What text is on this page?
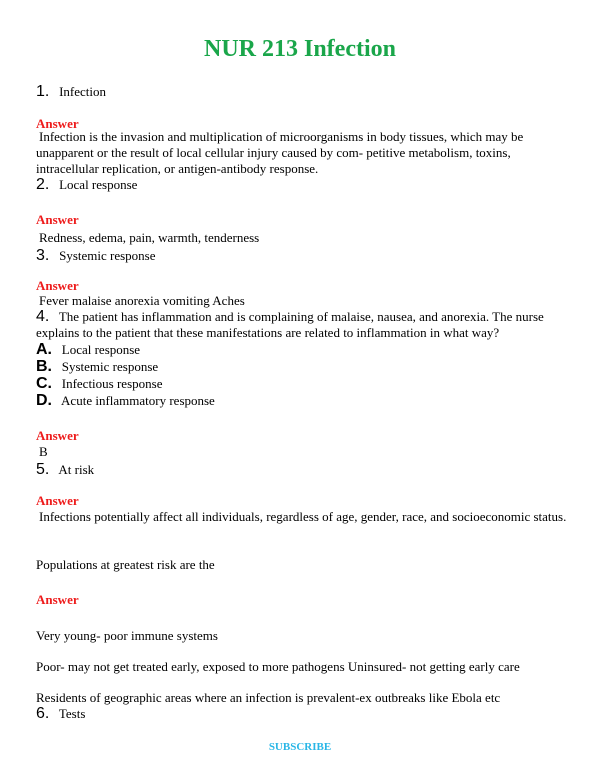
NUR 213 Infection
1. Infection
Answer
Infection is the invasion and multiplication of microorganisms in body tissues, which may be unapparent or the result of local cellular injury caused by com- petitive metabolism, toxins, intracellular replication, or antigen-antibody response.
2. Local response
Answer
Redness, edema, pain, warmth, tenderness
3. Systemic response
Answer
Fever malaise anorexia vomiting Aches
4. The patient has inflammation and is complaining of malaise, nausea, and anorexia. The nurse explains to the patient that these manifestations are related to inflammation in what way?
A. Local response
B. Systemic response
C. Infectious response
D. Acute inflammatory response
Answer
B
5. At risk
Answer
Infections potentially affect all individuals, regardless of age, gender, race, and socioeconomic status.
Populations at greatest risk are the
Answer
Very young- poor immune systems
Poor- may not get treated early, exposed to more pathogens Uninsured- not getting early care
Residents of geographic areas where an infection is prevalent-ex outbreaks like Ebola etc
6. Tests
SUBSCRIBE
